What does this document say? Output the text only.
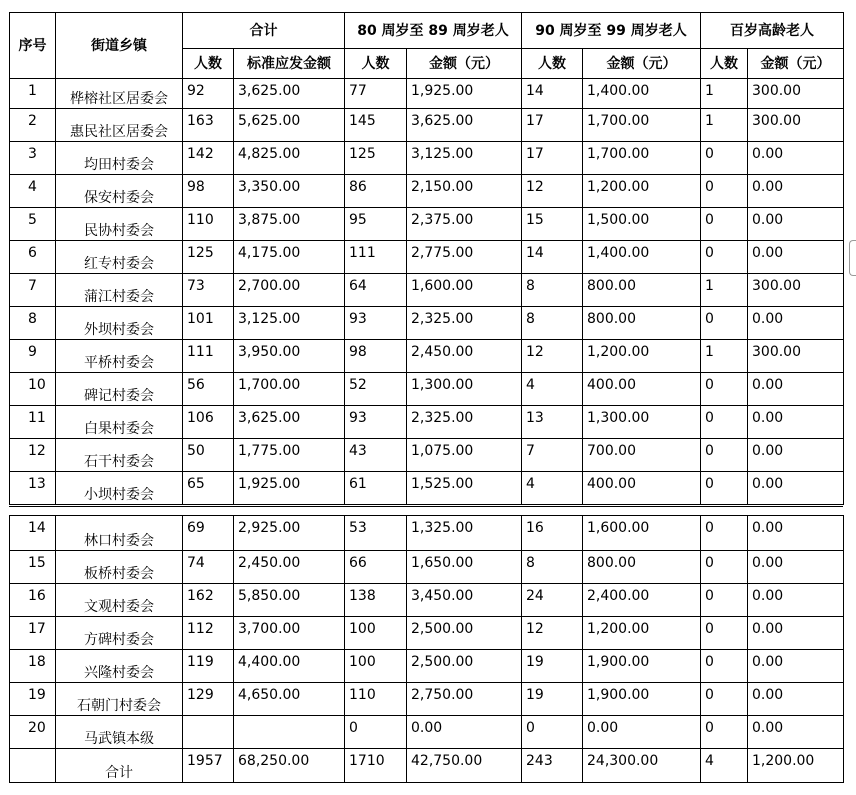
序号	街道乡镇	合计		80 周岁至 89 周岁老人		90 周岁至 99 周岁老人		百岁高龄老人	
		人数	标准应发金额	人数	金额（元）	人数	金额（元）	人数	金额（元）
1	桦榕社区居委会	92	3,625.00	77	1,925.00	14	1,400.00	1	300.00
2	惠民社区居委会	163	5,625.00	145	3,625.00	17	1,700.00	1	300.00
3	均田村委会	142	4,825.00	125	3,125.00	17	1,700.00	0	0.00
4	保安村委会	98	3,350.00	86	2,150.00	12	1,200.00	0	0.00
5	民协村委会	110	3,875.00	95	2,375.00	15	1,500.00	0	0.00
6	红专村委会	125	4,175.00	111	2,775.00	14	1,400.00	0	0.00
7	蒲江村委会	73	2,700.00	64	1,600.00	8	800.00	1	300.00
8	外坝村委会	101	3,125.00	93	2,325.00	8	800.00	0	0.00
9	平桥村委会	111	3,950.00	98	2,450.00	12	1,200.00	1	300.00
10	碑记村委会	56	1,700.00	52	1,300.00	4	400.00	0	0.00
11	白果村委会	106	3,625.00	93	2,325.00	13	1,300.00	0	0.00
12	石干村委会	50	1,775.00	43	1,075.00	7	700.00	0	0.00
13	小坝村委会	65	1,925.00	61	1,525.00	4	400.00	0	0.00
14	林口村委会	69	2,925.00	53	1,325.00	16	1,600.00	0	0.00
15	板桥村委会	74	2,450.00	66	1,650.00	8	800.00	0	0.00
16	文观村委会	162	5,850.00	138	3,450.00	24	2,400.00	0	0.00
17	方碑村委会	112	3,700.00	100	2,500.00	12	1,200.00	0	0.00
18	兴隆村委会	119	4,400.00	100	2,500.00	19	1,900.00	0	0.00
19	石朝门村委会	129	4,650.00	110	2,750.00	19	1,900.00	0	0.00
20	马武镇本级			0	0.00	0	0.00	0	0.00
	合计	1957	68,250.00	1710	42,750.00	243	24,300.00	4	1,200.00
